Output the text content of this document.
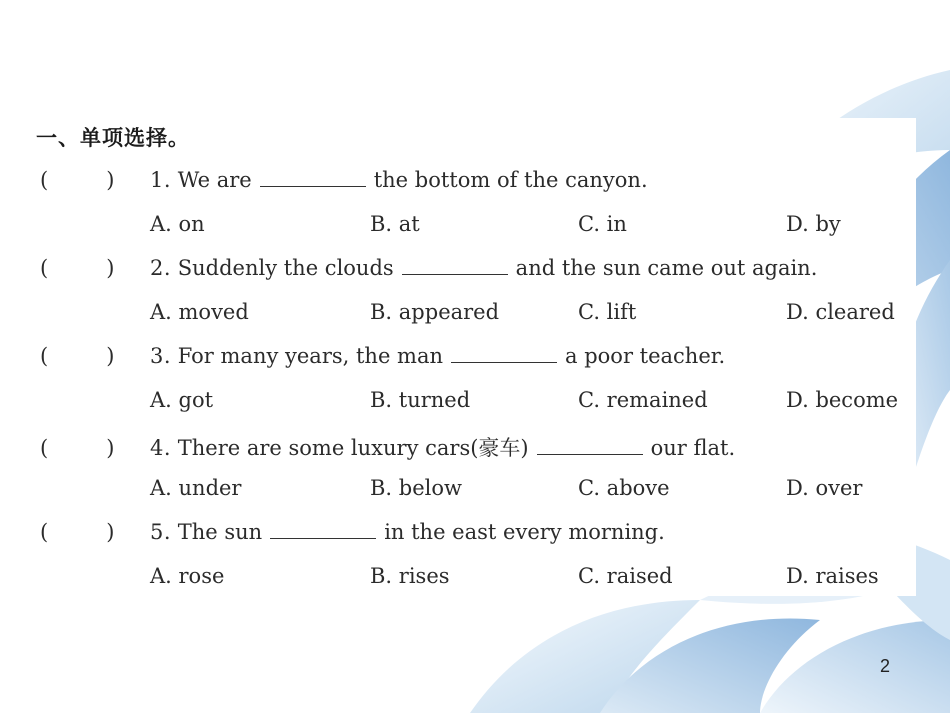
一、单项选择。
(	) 1. We are	the bottom of the canyon.
A. on	B. at	C. in	D. by
(	) 2. Suddenly the clouds	and the sun came out again.
A. moved	B. appeared	C. lift	D. cleared
(	) 3. For many years, the man	a poor teacher.
A. got	B. turned	C. remained	D. become
(	) 4. There are some luxury cars(豪车)	our flat.
A. under	B. below	C. above	D. over
(	) 5. The sun	in the east every morning.
A. rose	B. rises	C. raised	D. raises
2
